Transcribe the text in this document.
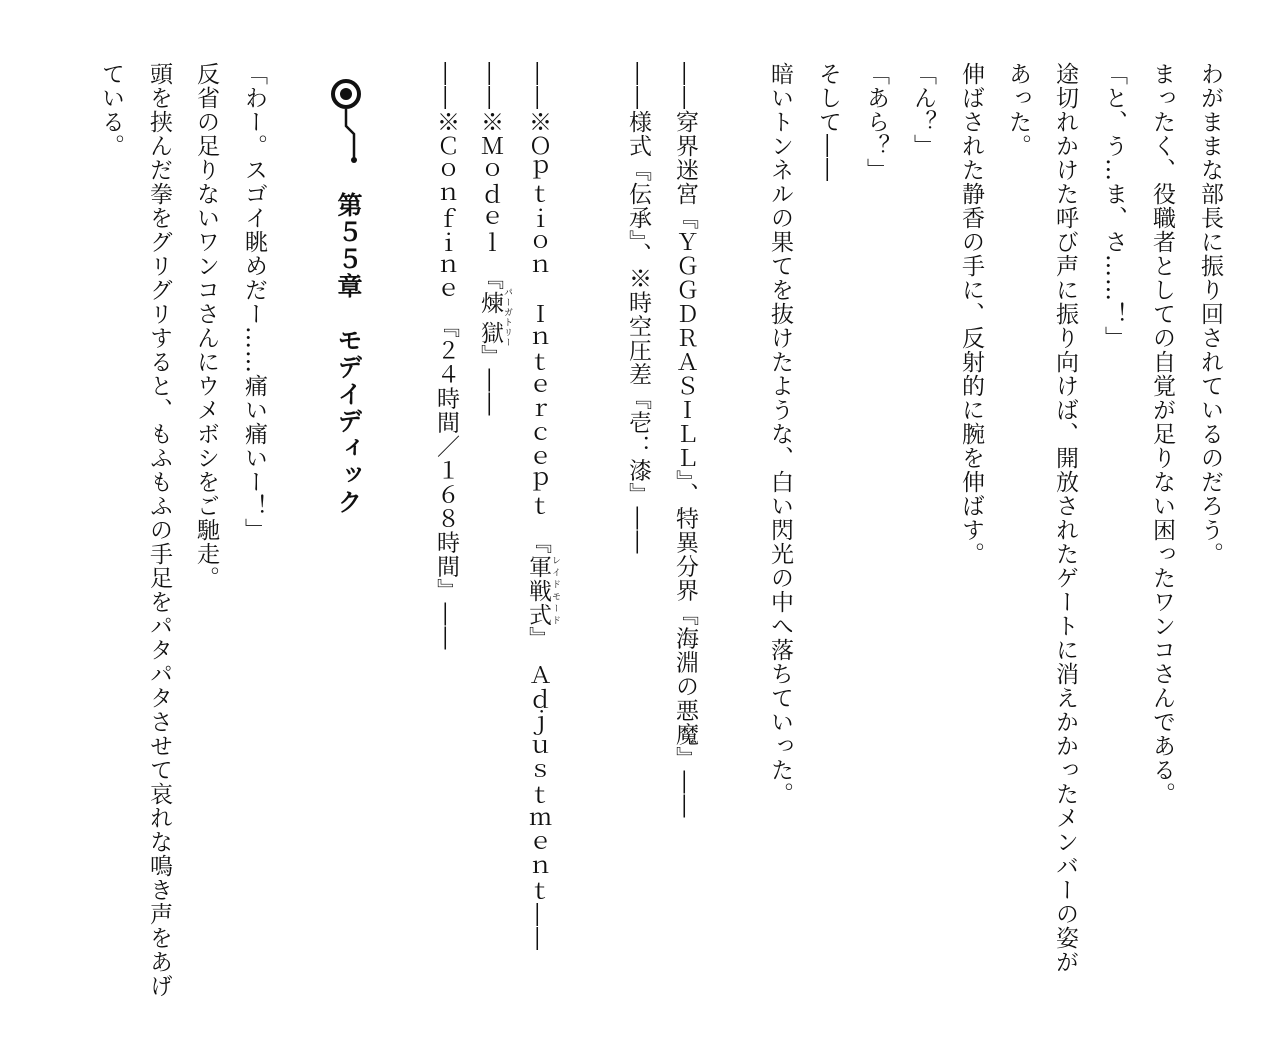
わがままな部長に振り回されているのだろう。
まったく、役職者としての自覚が足りない困ったワンコさんである。
「と、う…ま、さ……！」
途切れかけた呼び声に振り向けば、開放されたゲートに消えかかったメンバーの姿が
あった。
伸ばされた静香の手に、反射的に腕を伸ばす。
「ん？」
「あら？」
そして――
暗いトンネルの果てを抜けたような、白い閃光の中へ落ちていった。
――穿界迷宮『ＹＧＧＤＲＡＳＩＬＬ』、特異分界『海淵の悪魔』――
――様式『伝承』、※時空圧差『壱：漆』――
――※Ｏｐｔｉｏｎ　Ｉｎｔｅｒｃｅｐｔ　『軍戦式 レイドモード』　Ａｄｊｕｓｔｍｅｎｔ――
――※Ｍｏｄｅｌ　『煉獄 パーガトリー』――
――※Ｃｏｎｆｉｎｅ　『２４時間／１６８時間』――
第５５章　モデイディック
「わー。スゴイ眺めだー……痛い痛いー！」
反省の足りないワンコさんにウメボシをご馳走。
頭を挟んだ拳をグリグリすると、もふもふの手足をパタパタさせて哀れな鳴き声をあげ
ている。
